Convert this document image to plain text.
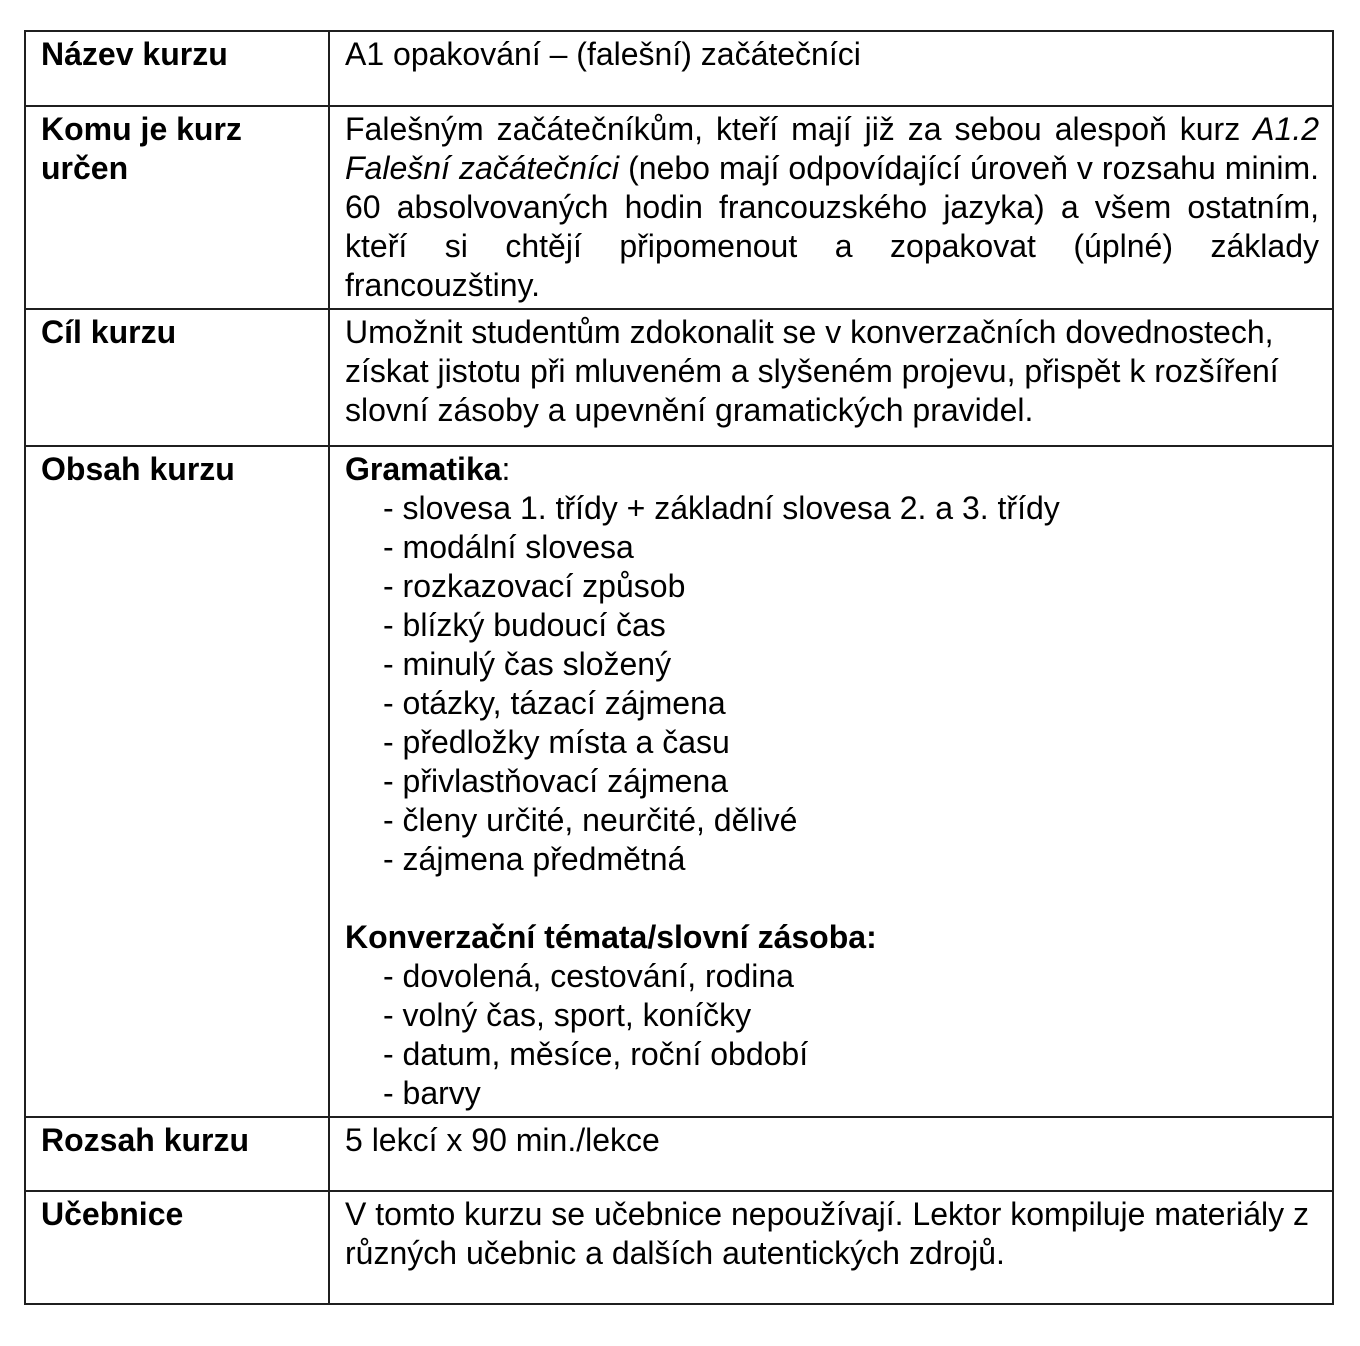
Název kurzu	A1 opakování – (falešní) začátečníci

Komu je kurz určen	Falešným začátečníkům, kteří mají již za sebou alespoň kurz A1.2 Falešní začátečníci (nebo mají odpovídající úroveň v rozsahu minim. 60 absolvovaných hodin francouzského jazyka) a všem ostatním, kteří si chtějí připomenout a zopakovat (úplné) základy francouzštiny.

Cíl kurzu	Umožnit studentům zdokonalit se v konverzačních dovednostech, získat jistotu při mluveném a slyšeném projevu, přispět k rozšíření slovní zásoby a upevnění gramatických pravidel.

Obsah kurzu	Gramatika:
- slovesa 1. třídy + základní slovesa 2. a 3. třídy
- modální slovesa
- rozkazovací způsob
- blízký budoucí čas
- minulý čas složený
- otázky, tázací zájmena
- předložky místa a času
- přivlastňovací zájmena
- členy určité, neurčité, dělivé
- zájmena předmětná
Konverzační témata/slovní zásoba:
- dovolená, cestování, rodina
- volný čas, sport, koníčky
- datum, měsíce, roční období
- barvy

Rozsah kurzu	5 lekcí x 90 min./lekce

Učebnice	V tomto kurzu se učebnice nepoužívají. Lektor kompiluje materiály z různých učebnic a dalších autentických zdrojů.
